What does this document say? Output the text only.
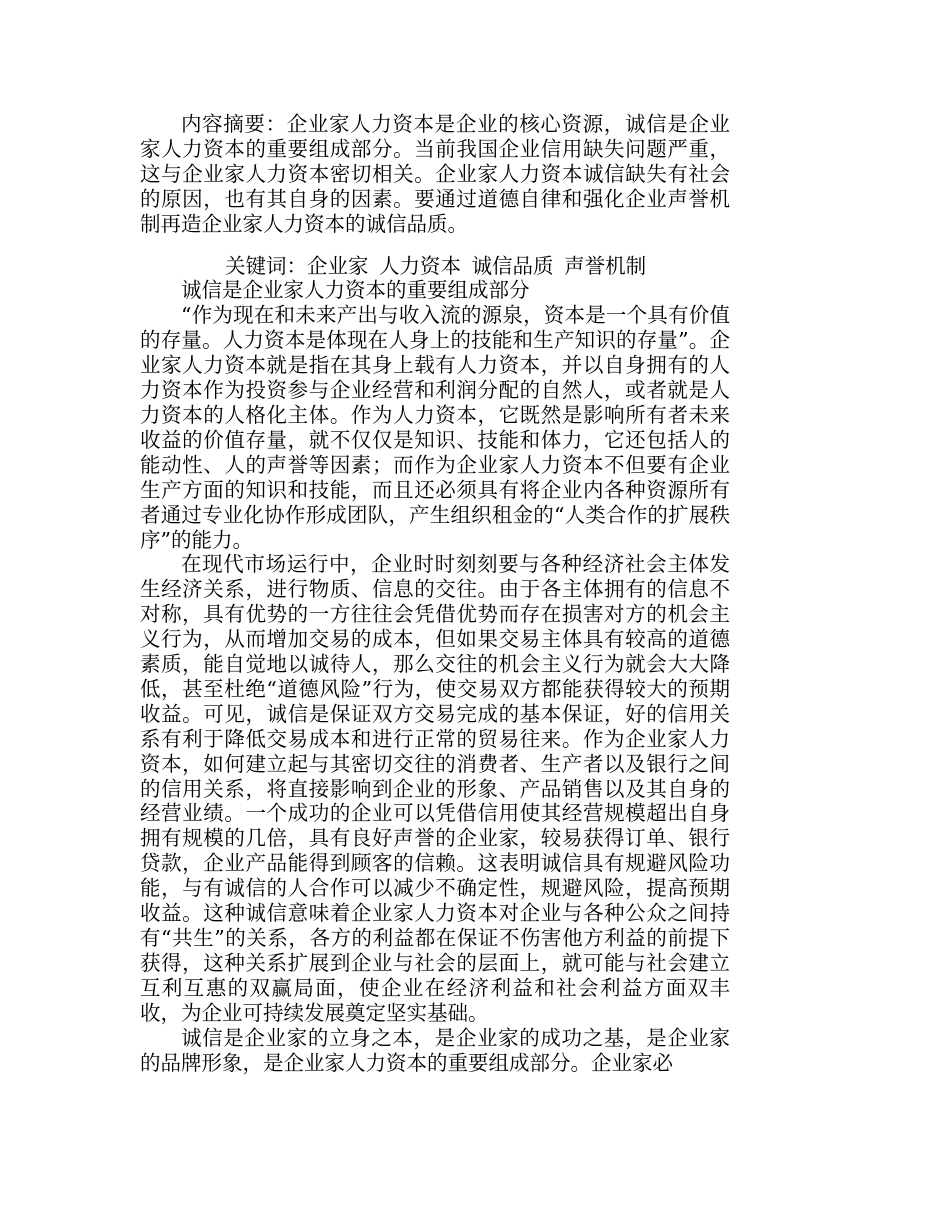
内容摘要：企业家人力资本是企业的核心资源，诚信是企业家人力资本的重要组成部分。当前我国企业信用缺失问题严重，这与企业家人力资本密切相关。企业家人力资本诚信缺失有社会的原因，也有其自身的因素。要通过道德自律和强化企业声誉机制再造企业家人力资本的诚信品质。

关键词：企业家 人力资本 诚信品质 声誉机制

诚信是企业家人力资本的重要组成部分

“作为现在和未来产出与收入流的源泉，资本是一个具有价值的存量。人力资本是体现在人身上的技能和生产知识的存量”。企业家人力资本就是指在其身上载有人力资本，并以自身拥有的人力资本作为投资参与企业经营和利润分配的自然人，或者就是人力资本的人格化主体。作为人力资本，它既然是影响所有者未来收益的价值存量，就不仅仅是知识、技能和体力，它还包括人的能动性、人的声誉等因素；而作为企业家人力资本不但要有企业生产方面的知识和技能，而且还必须具有将企业内各种资源所有者通过专业化协作形成团队，产生组织租金的“人类合作的扩展秩序”的能力。

在现代市场运行中，企业时时刻刻要与各种经济社会主体发生经济关系，进行物质、信息的交往。由于各主体拥有的信息不对称，具有优势的一方往往会凭借优势而存在损害对方的机会主义行为，从而增加交易的成本，但如果交易主体具有较高的道德素质，能自觉地以诚待人，那么交往的机会主义行为就会大大降低，甚至杜绝“道德风险”行为，使交易双方都能获得较大的预期收益。可见，诚信是保证双方交易完成的基本保证，好的信用关系有利于降低交易成本和进行正常的贸易往来。作为企业家人力资本，如何建立起与其密切交往的消费者、生产者以及银行之间的信用关系，将直接影响到企业的形象、产品销售以及其自身的经营业绩。一个成功的企业可以凭借信用使其经营规模超出自身拥有规模的几倍，具有良好声誉的企业家，较易获得订单、银行贷款，企业产品能得到顾客的信赖。这表明诚信具有规避风险功能，与有诚信的人合作可以减少不确定性，规避风险，提高预期收益。这种诚信意味着企业家人力资本对企业与各种公众之间持有“共生”的关系，各方的利益都在保证不伤害他方利益的前提下获得，这种关系扩展到企业与社会的层面上，就可能与社会建立互利互惠的双赢局面，使企业在经济利益和社会利益方面双丰收，为企业可持续发展奠定坚实基础。

诚信是企业家的立身之本，是企业家的成功之基，是企业家的品牌形象，是企业家人力资本的重要组成部分。企业家必
